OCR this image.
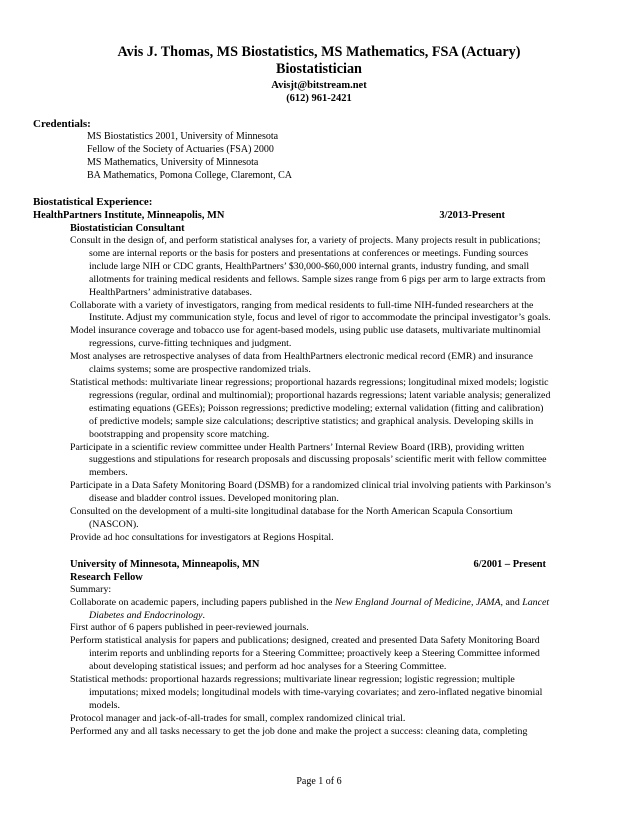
Avis J. Thomas, MS Biostatistics, MS Mathematics, FSA (Actuary)
Biostatistician
Avisjt@bitstream.net
(612) 961-2421
Credentials:
MS Biostatistics 2001, University of Minnesota
Fellow of the Society of Actuaries (FSA) 2000
MS Mathematics, University of Minnesota
BA Mathematics, Pomona College, Claremont, CA
Biostatistical Experience:
HealthPartners Institute, Minneapolis, MN	3/2013-Present
Biostatistician Consultant
Consult in the design of, and perform statistical analyses for, a variety of projects. Many projects result in publications; some are internal reports or the basis for posters and presentations at conferences or meetings. Funding sources include large NIH or CDC grants, HealthPartners’ $30,000-$60,000 internal grants, industry funding, and small allotments for training medical residents and fellows. Sample sizes range from 6 pigs per arm to large extracts from HealthPartners’ administrative databases.
Collaborate with a variety of investigators, ranging from medical residents to full-time NIH-funded researchers at the Institute. Adjust my communication style, focus and level of rigor to accommodate the principal investigator’s goals.
Model insurance coverage and tobacco use for agent-based models, using public use datasets, multivariate multinomial regressions, curve-fitting techniques and judgment.
Most analyses are retrospective analyses of data from HealthPartners electronic medical record (EMR) and insurance claims systems; some are prospective randomized trials.
Statistical methods: multivariate linear regressions; proportional hazards regressions; longitudinal mixed models; logistic regressions (regular, ordinal and multinomial); proportional hazards regressions; latent variable analysis; generalized estimating equations (GEEs); Poisson regressions; predictive modeling; external validation (fitting and calibration) of predictive models; sample size calculations; descriptive statistics; and graphical analysis. Developing skills in bootstrapping and propensity score matching.
Participate in a scientific review committee under Health Partners’ Internal Review Board (IRB), providing written suggestions and stipulations for research proposals and discussing proposals’ scientific merit with fellow committee members.
Participate in a Data Safety Monitoring Board (DSMB) for a randomized clinical trial involving patients with Parkinson’s disease and bladder control issues. Developed monitoring plan.
Consulted on the development of a multi-site longitudinal database for the North American Scapula Consortium (NASCON).
Provide ad hoc consultations for investigators at Regions Hospital.
University of Minnesota, Minneapolis, MN	6/2001 – Present
Research Fellow
Summary:
Collaborate on academic papers, including papers published in the New England Journal of Medicine, JAMA, and Lancet Diabetes and Endocrinology.
First author of 6 papers published in peer-reviewed journals.
Perform statistical analysis for papers and publications; designed, created and presented Data Safety Monitoring Board interim reports and unblinding reports for a Steering Committee; proactively keep a Steering Committee informed about developing statistical issues; and perform ad hoc analyses for a Steering Committee.
Statistical methods: proportional hazards regressions; multivariate linear regression; logistic regression; multiple imputations; mixed models; longitudinal models with time-varying covariates; and zero-inflated negative binomial models.
Protocol manager and jack-of-all-trades for small, complex randomized clinical trial.
Performed any and all tasks necessary to get the job done and make the project a success: cleaning data, completing
Page 1 of 6
